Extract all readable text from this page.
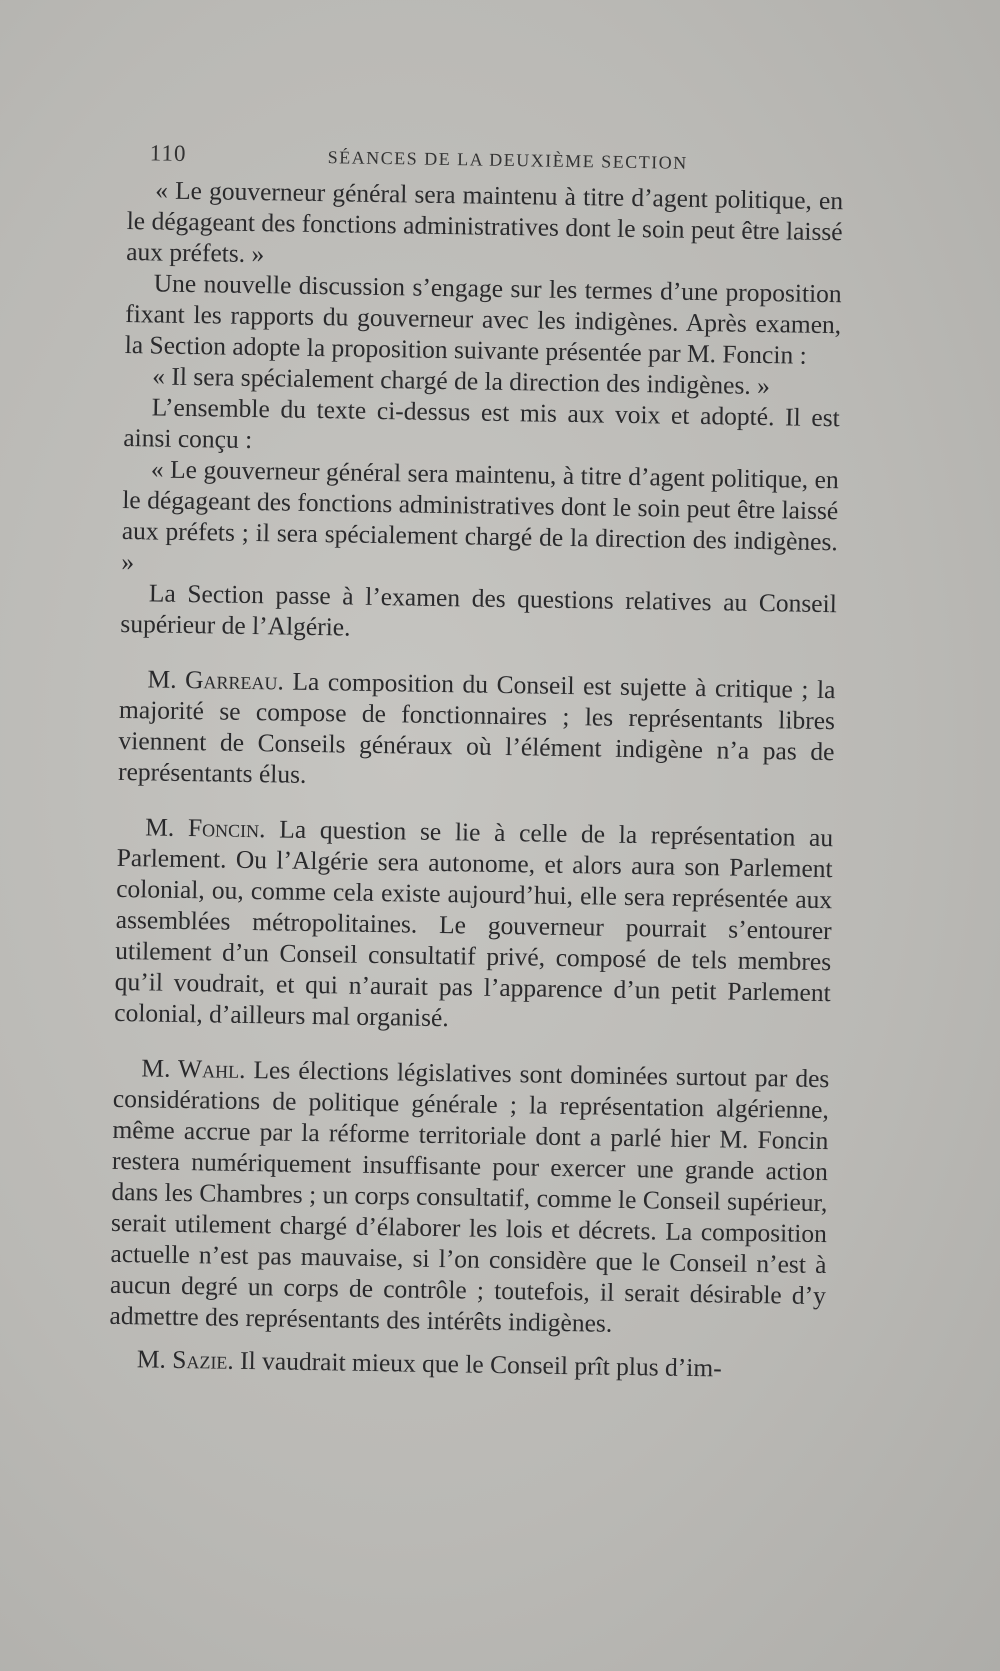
110	SÉANCES DE LA DEUXIÈME SECTION

« Le gouverneur général sera maintenu à titre d’agent politique, en le dégageant des fonctions administratives dont le soin peut être laissé aux préfets. »

Une nouvelle discussion s’engage sur les termes d’une proposition fixant les rapports du gouverneur avec les indigènes. Après examen, la Section adopte la proposition suivante présentée par M. Foncin :

« Il sera spécialement chargé de la direction des indigènes. »

L’ensemble du texte ci-dessus est mis aux voix et adopté. Il est ainsi conçu :

« Le gouverneur général sera maintenu, à titre d’agent politique, en le dégageant des fonctions administratives dont le soin peut être laissé aux préfets ; il sera spécialement chargé de la direction des indigènes. »

La Section passe à l’examen des questions relatives au Conseil supérieur de l’Algérie.

M. Garreau. La composition du Conseil est sujette à critique ; la majorité se compose de fonctionnaires ; les représentants libres viennent de Conseils généraux où l’élément indigène n’a pas de représentants élus.

M. Foncin. La question se lie à celle de la représentation au Parlement. Ou l’Algérie sera autonome, et alors aura son Parlement colonial, ou, comme cela existe aujourd’hui, elle sera représentée aux assemblées métropolitaines. Le gouverneur pourrait s’entourer utilement d’un Conseil consultatif privé, composé de tels membres qu’il voudrait, et qui n’aurait pas l’apparence d’un petit Parlement colonial, d’ailleurs mal organisé.

M. Wahl. Les élections législatives sont dominées surtout par des considérations de politique générale ; la représentation algérienne, même accrue par la réforme territoriale dont a parlé hier M. Foncin restera numériquement insuffisante pour exercer une grande action dans les Chambres ; un corps consultatif, comme le Conseil supérieur, serait utilement chargé d’élaborer les lois et décrets. La composition actuelle n’est pas mauvaise, si l’on considère que le Conseil n’est à aucun degré un corps de contrôle ; toutefois, il serait désirable d’y admettre des représentants des intérêts indigènes.

M. Sazie. Il vaudrait mieux que le Conseil prît plus d’im-
